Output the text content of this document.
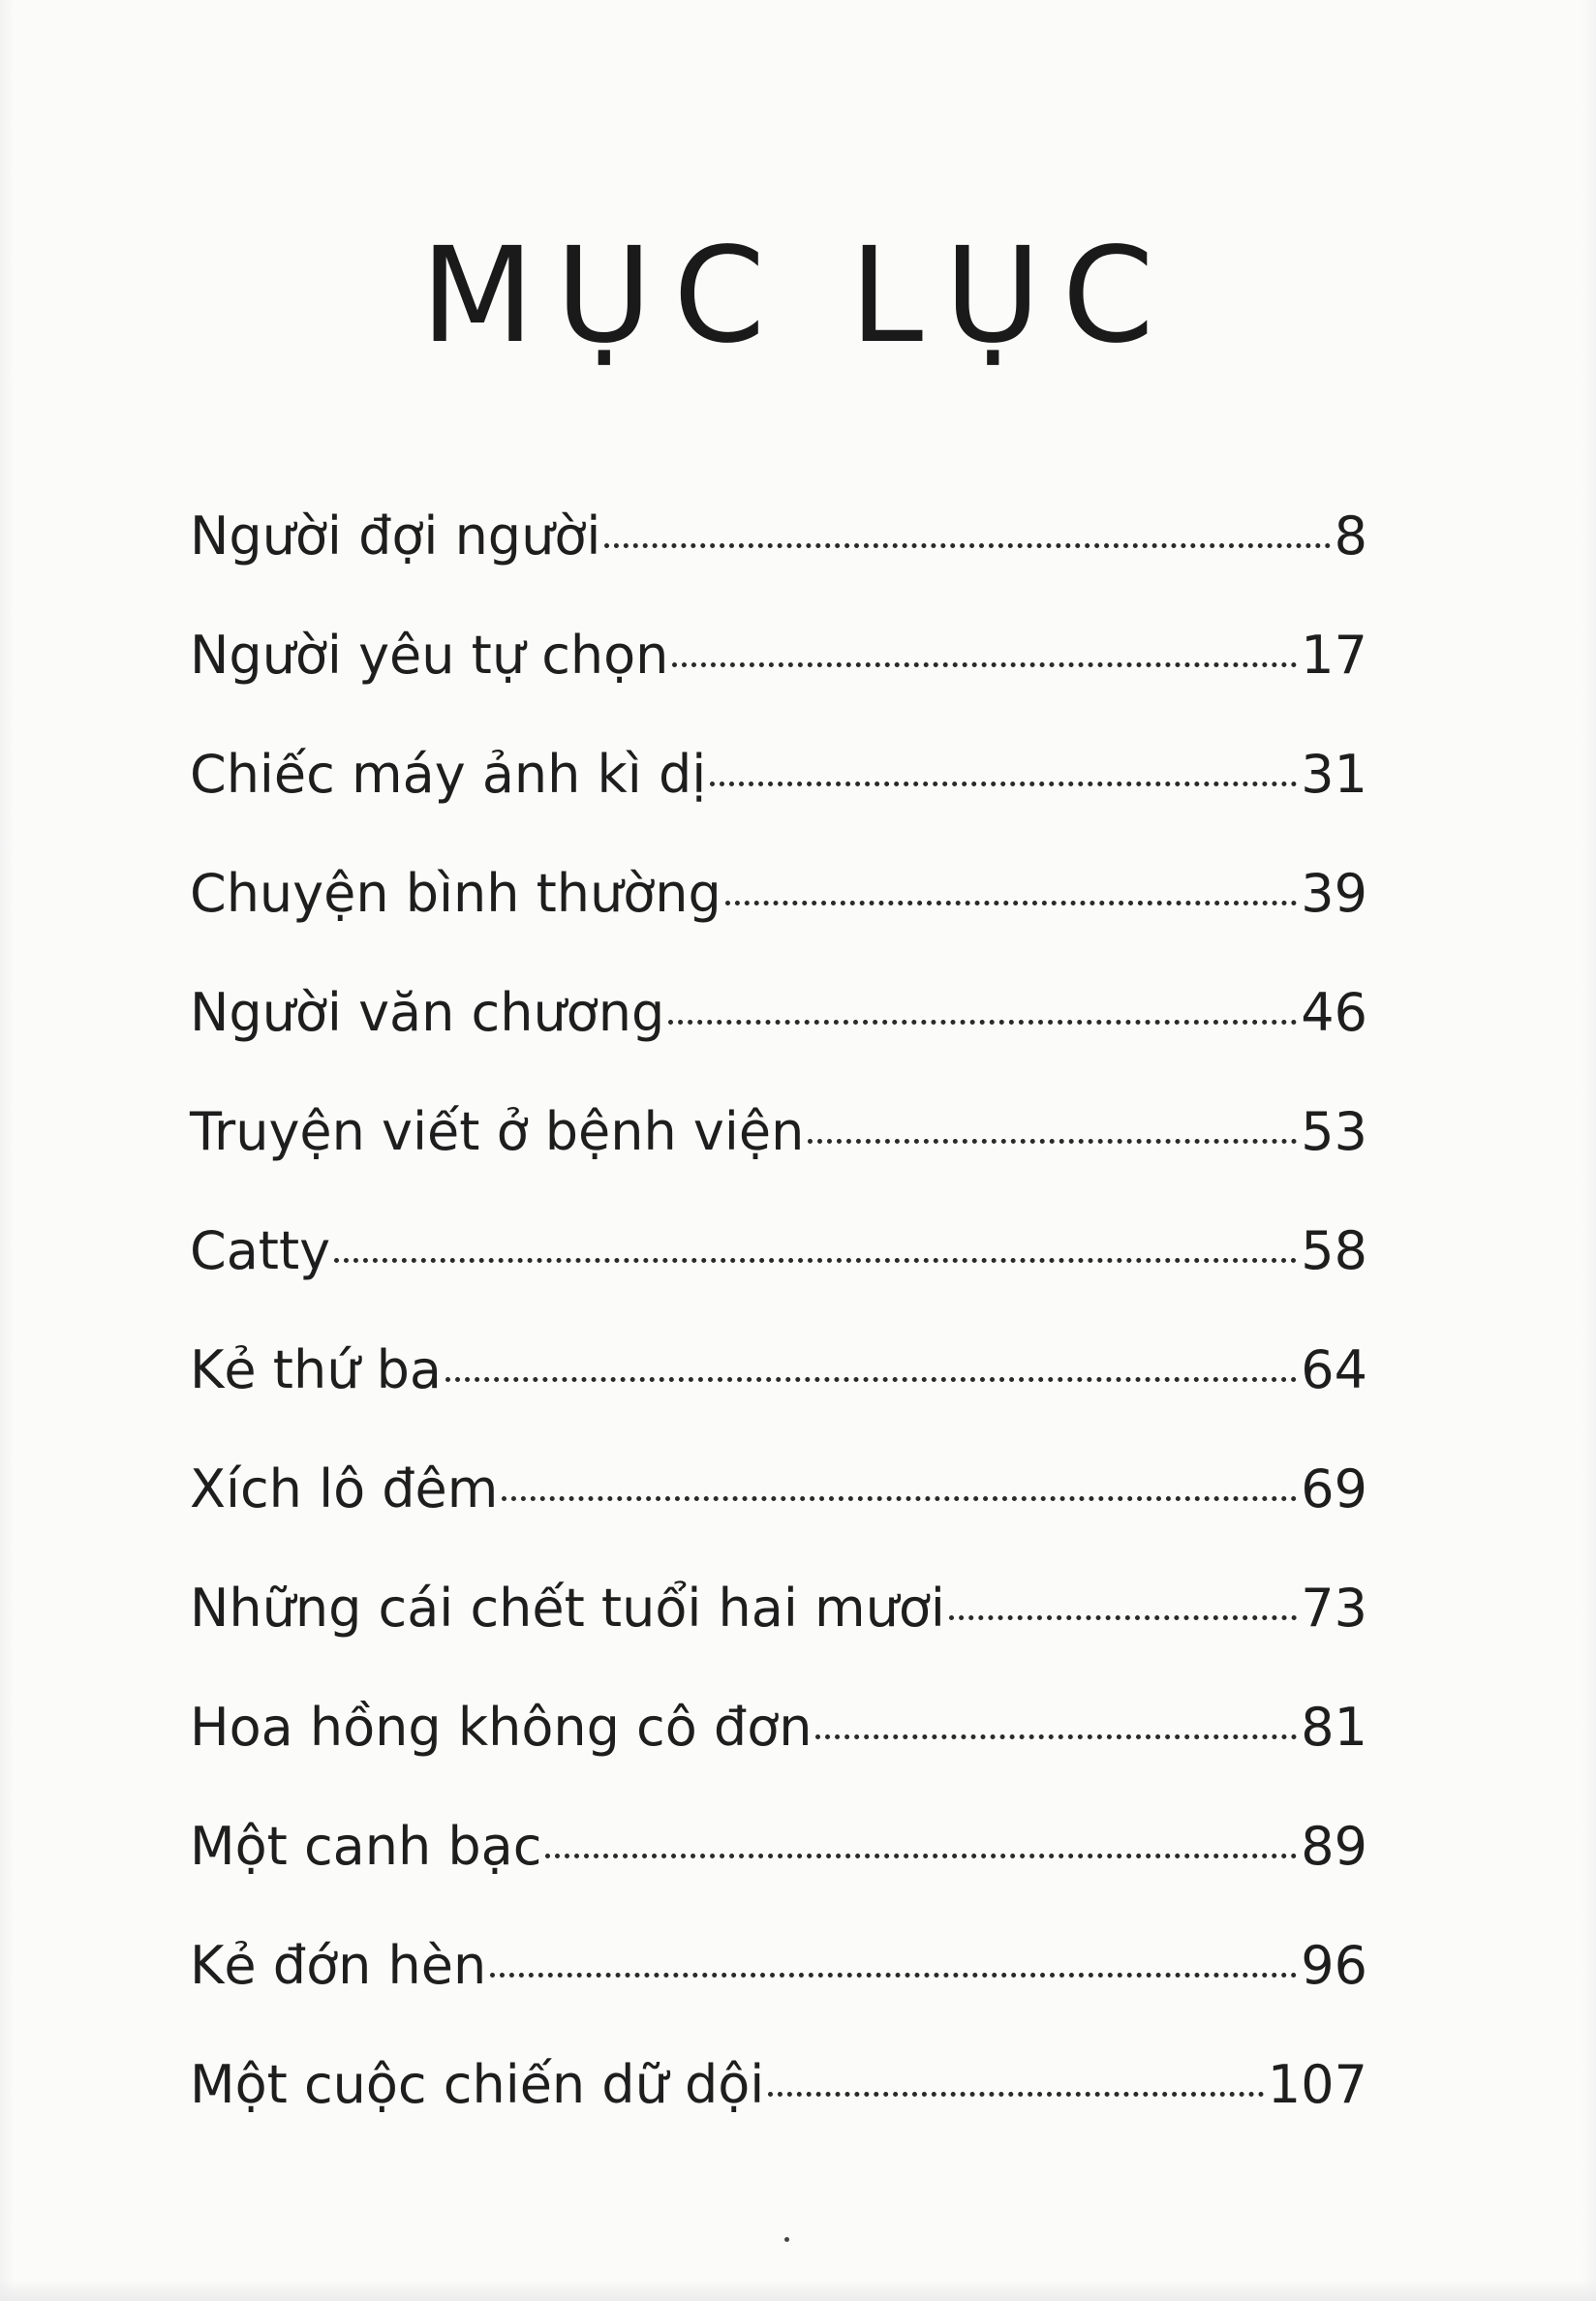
MỤC LỤC
Người đợi người	8
Người yêu tự chọn	17
Chiếc máy ảnh kì dị	31
Chuyện bình thường	39
Người văn chương	46
Truyện viết ở bệnh viện	53
Catty	58
Kẻ thứ ba	64
Xích lô đêm	69
Những cái chết tuổi hai mươi	73
Hoa hồng không cô đơn	81
Một canh bạc	89
Kẻ đớn hèn	96
Một cuộc chiến dữ dội	107
